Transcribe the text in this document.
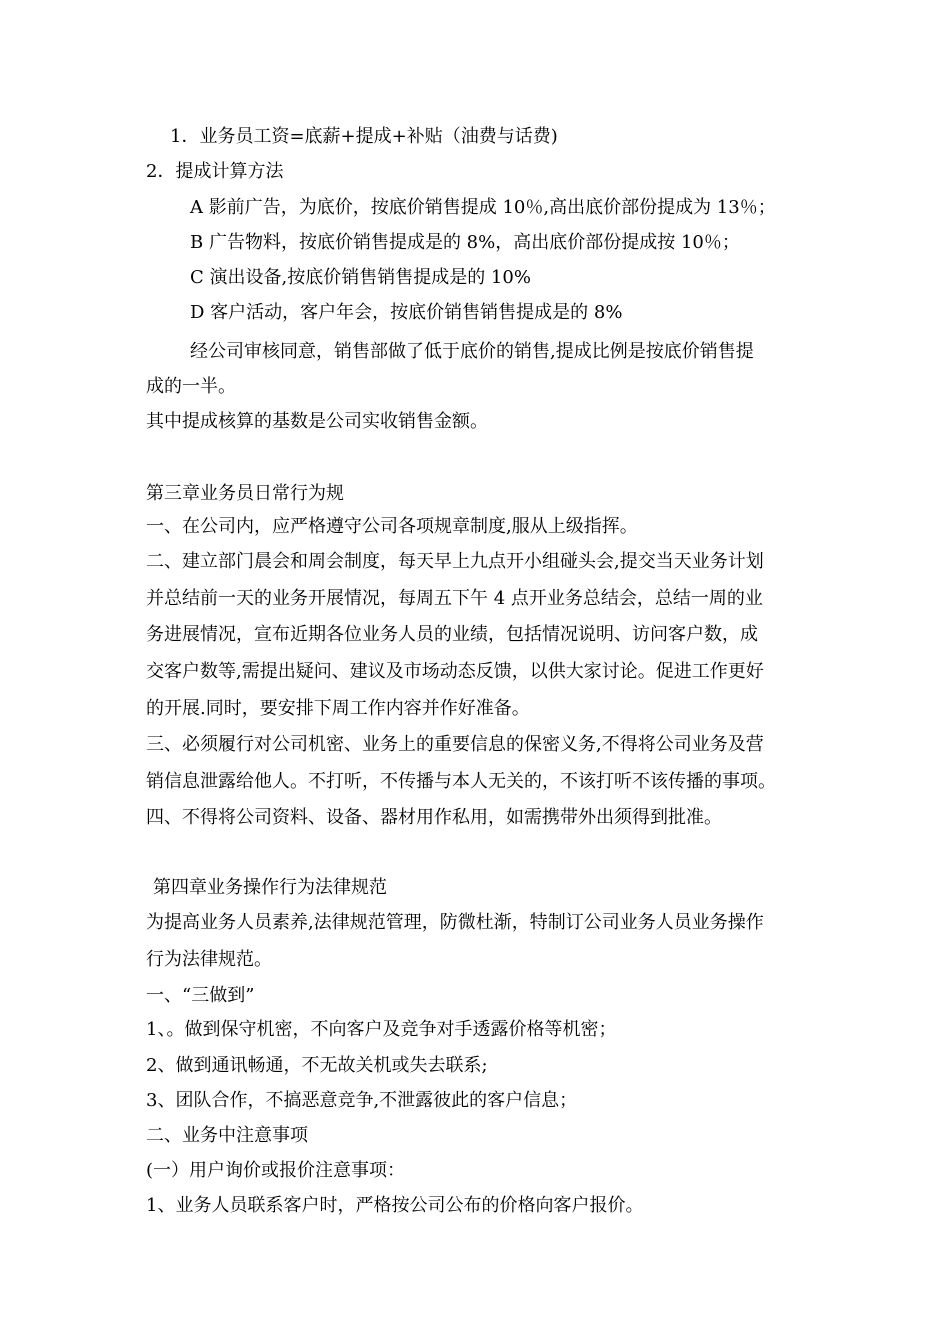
1．业务员工资=底薪+提成+补贴（油费与话费)
2．提成计算方法
A 影前广告，为底价，按底价销售提成 10％,高出底价部份提成为 13％；
B 广告物料，按底价销售提成是的 8%，高出底价部份提成按 10％；
C 演出设备,按底价销售销售提成是的 10%
D 客户活动，客户年会，按底价销售销售提成是的 8%
经公司审核同意，销售部做了低于底价的销售,提成比例是按底价销售提
成的一半。
其中提成核算的基数是公司实收销售金额。
第三章业务员日常行为规
一、在公司内，应严格遵守公司各项规章制度,服从上级指挥。
二、建立部门晨会和周会制度，每天早上九点开小组碰头会,提交当天业务计划
并总结前一天的业务开展情况，每周五下午 4 点开业务总结会，总结一周的业
务进展情况，宣布近期各位业务人员的业绩，包括情况说明、访问客户数，成
交客户数等,需提出疑问、建议及市场动态反馈，以供大家讨论。促进工作更好
的开展.同时，要安排下周工作内容并作好准备。
三、必须履行对公司机密、业务上的重要信息的保密义务,不得将公司业务及营
销信息泄露给他人。不打听，不传播与本人无关的，不该打听不该传播的事项。
四、不得将公司资料、设备、器材用作私用，如需携带外出须得到批准。
第四章业务操作行为法律规范
为提高业务人员素养,法律规范管理，防微杜渐，特制订公司业务人员业务操作
行为法律规范。
一、“三做到”
1、。做到保守机密，不向客户及竞争对手透露价格等机密；
2、做到通讯畅通，不无故关机或失去联系;
3、团队合作，不搞恶意竞争,不泄露彼此的客户信息；
二、业务中注意事项
(一）用户询价或报价注意事项：
1、业务人员联系客户时，严格按公司公布的价格向客户报价。
